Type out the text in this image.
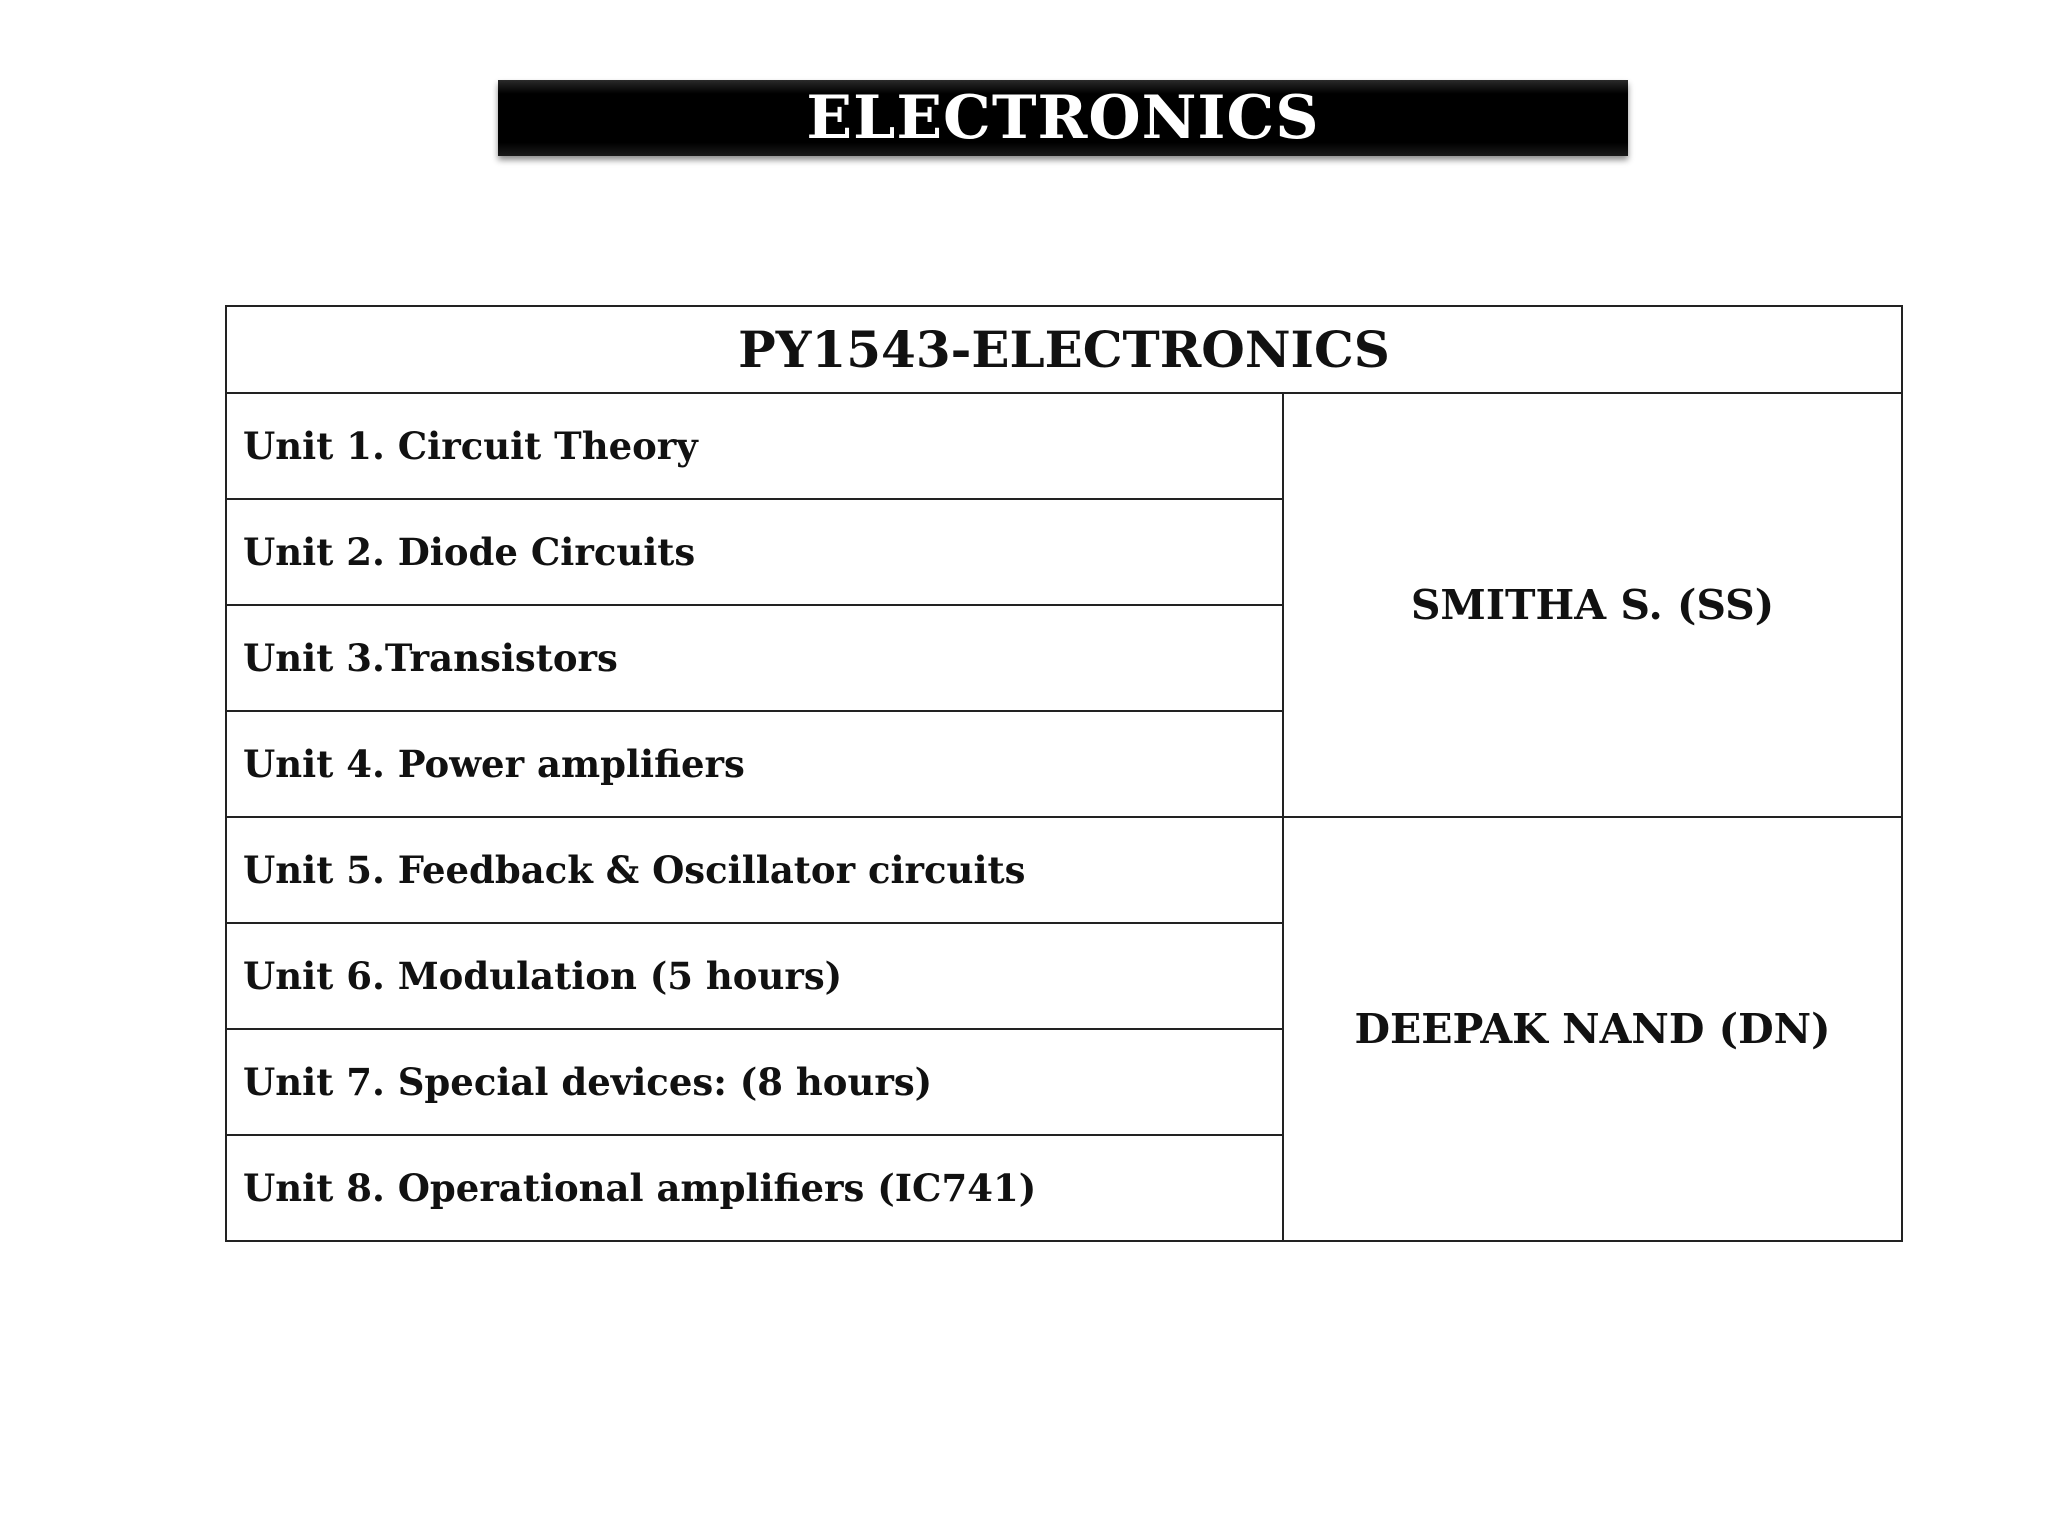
ELECTRONICS
PY1543-ELECTRONICS	
Unit 1. Circuit Theory	SMITHA S. (SS)
Unit 2. Diode Circuits	
Unit 3.Transistors	
Unit 4. Power amplifiers	
Unit 5. Feedback & Oscillator circuits	DEEPAK NAND (DN)
Unit 6. Modulation (5 hours)	
Unit 7. Special devices: (8 hours)	
Unit 8. Operational amplifiers (IC741)	
